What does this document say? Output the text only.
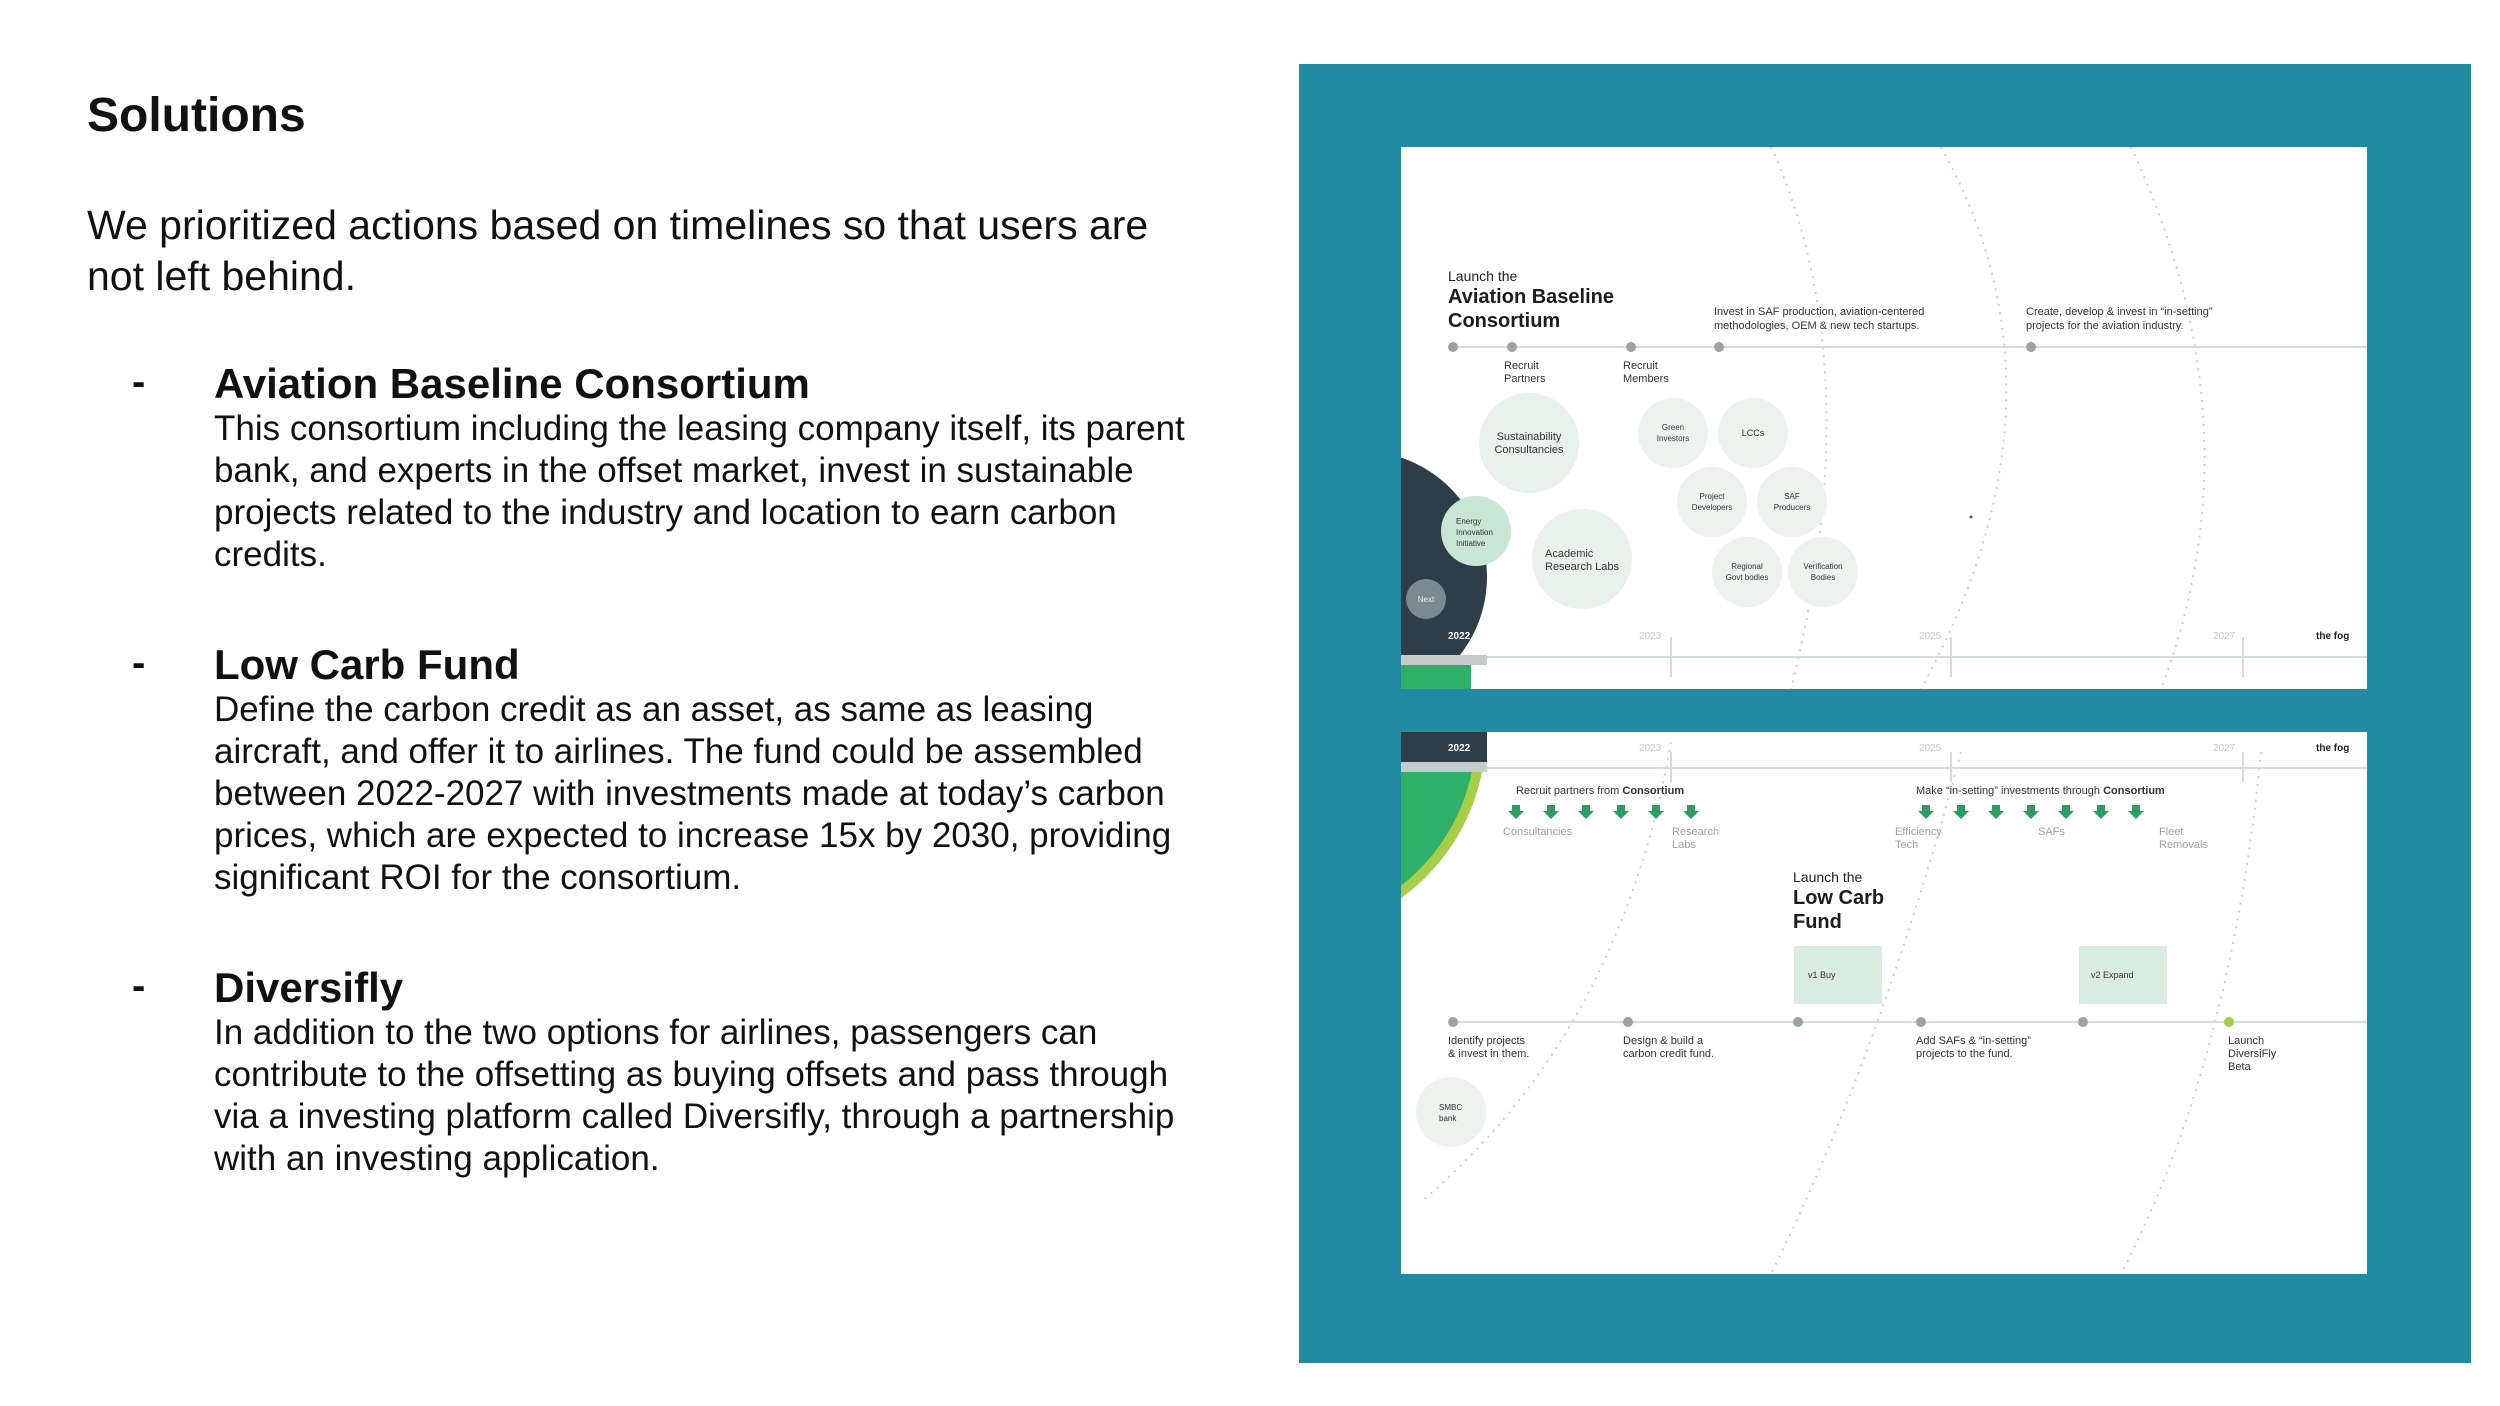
Solutions
We prioritized actions based on timelines so that users are not left behind.
- Aviation Baseline Consortium
This consortium including the leasing company itself, its parent bank, and experts in the offset market, invest in sustainable projects related to the industry and location to earn carbon credits.
- Low Carb Fund
Define the carbon credit as an asset, as same as leasing aircraft, and offer it to airlines. The fund could be assembled between 2022-2027 with investments made at today’s carbon prices, which are expected to increase 15x by 2030, providing significant ROI for the consortium.
- Diversifly
In addition to the two options for airlines, passengers can contribute to the offsetting as buying offsets and pass through via a investing platform called Diversifly, through a partnership with an investing application.
Launch the
Aviation Baseline
Consortium	Invest in SAF production, aviation-centered
methodologies, OEM & new tech startups.
Create, develop & invest in “in-setting”
projects for the aviation industry.
Recruit
Partners
Recruit
Members
Sustainability
Consultancies
Energy
Innovation
Initiative
Academic
Research Labs
Next
Green
Investors
LCCs
Project
Developers
SAF
Producers
Regional
Govt bodies
Verification
Bodies
2022	2023	2025	2027	the fog
2022	2023	2025	2027	the fog
Recruit partners from Consortium	Make “in-setting” investments through Consortium
Consultancies	Research
Labs
Efficiency
Tech
SAFs	Fleet
Removals
Launch the
Low Carb
Fund
v1 Buy	v2 Expand
Identify projects
& invest in them.
Design & build a
carbon credit fund.
Add SAFs & “in-setting”
projects to the fund.
Launch
DiversiFly
Beta
SMBC
bank
